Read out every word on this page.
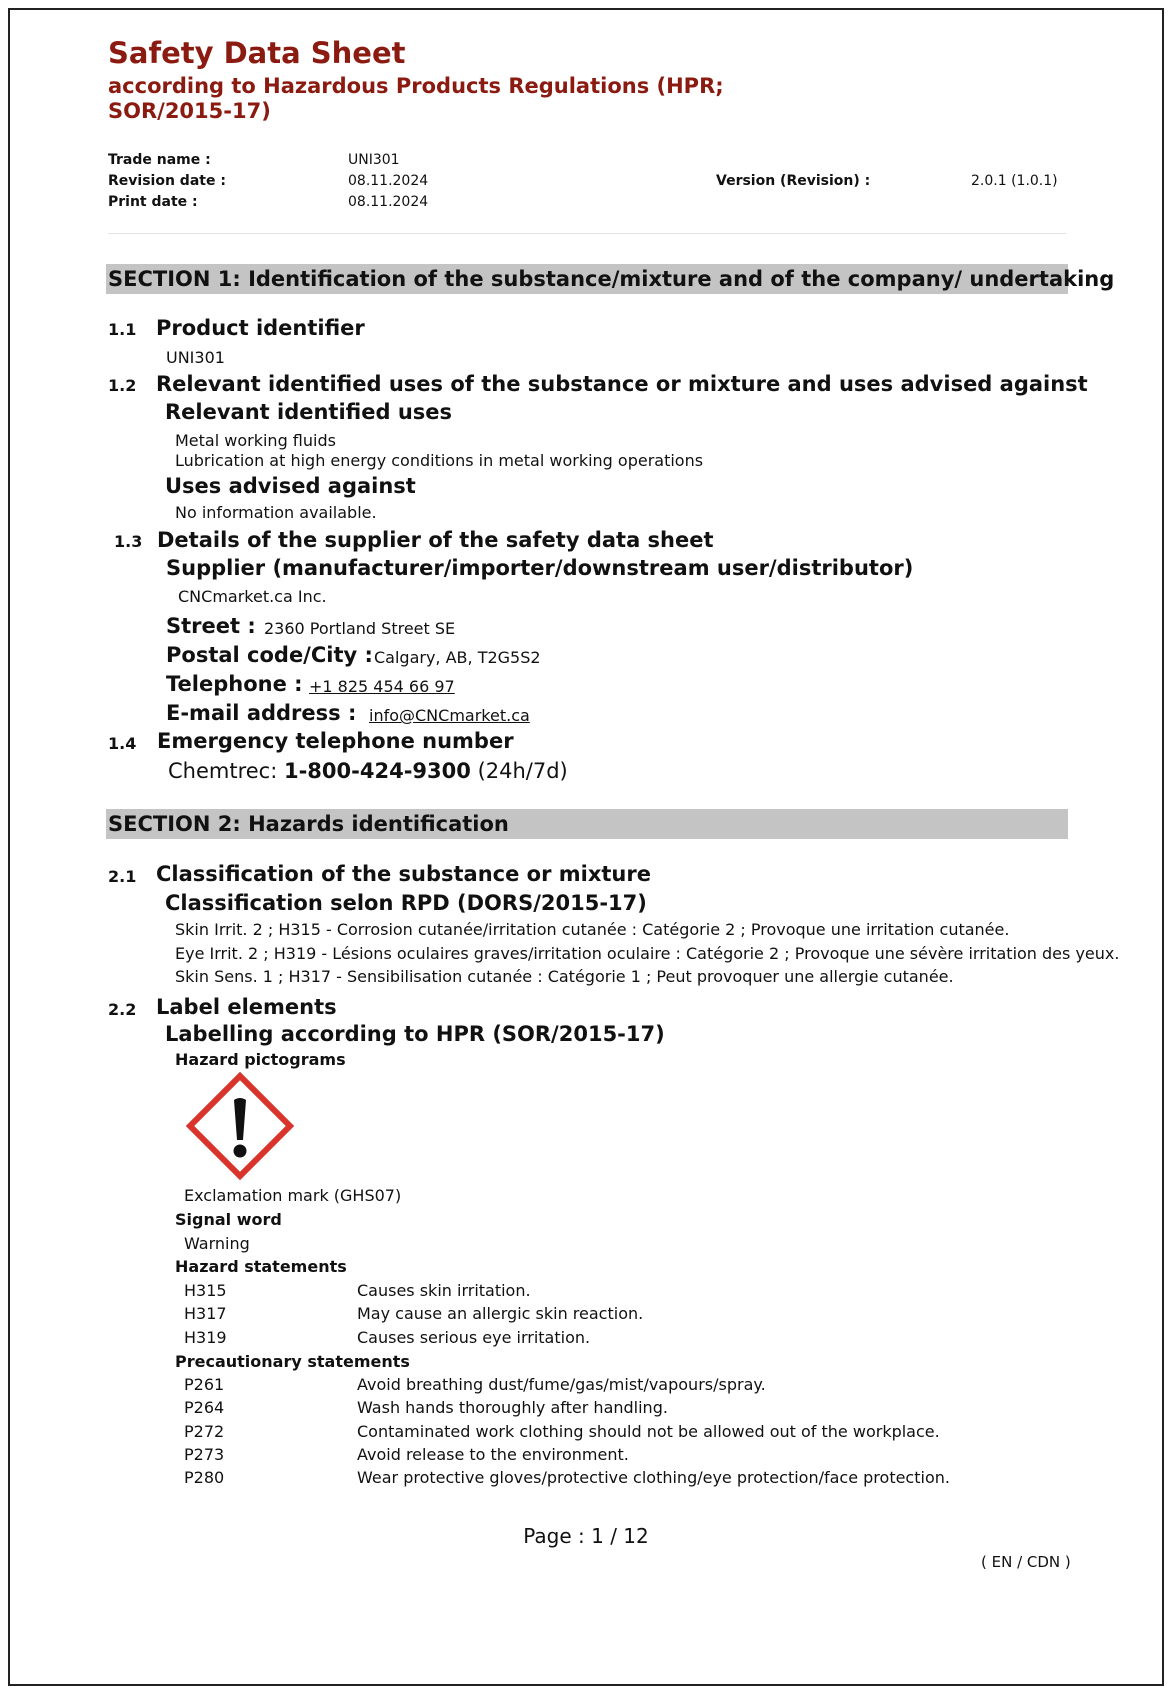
Safety Data Sheet
according to Hazardous Products Regulations (HPR; SOR/2015-17)
Trade name :	UNI301
Revision date :	08.11.2024	Version (Revision) :	2.0.1 (1.0.1)
Print date :	08.11.2024
SECTION 1: Identification of the substance/mixture and of the company/ undertaking
1.1 Product identifier
UNI301
1.2 Relevant identified uses of the substance or mixture and uses advised against
Relevant identified uses
Metal working fluids
Lubrication at high energy conditions in metal working operations
Uses advised against
No information available.
1.3 Details of the supplier of the safety data sheet
Supplier (manufacturer/importer/downstream user/distributor)
CNCmarket.ca Inc.
Street : 2360 Portland Street SE
Postal code/City : Calgary, AB, T2G5S2
Telephone : +1 825 454 66 97
E-mail address : info@CNCmarket.ca
1.4 Emergency telephone number
Chemtrec: 1-800-424-9300 (24h/7d)
SECTION 2: Hazards identification
2.1 Classification of the substance or mixture
Classification selon RPD (DORS/2015-17)
Skin Irrit. 2 ; H315 - Corrosion cutanée/irritation cutanée : Catégorie 2 ; Provoque une irritation cutanée.
Eye Irrit. 2 ; H319 - Lésions oculaires graves/irritation oculaire : Catégorie 2 ; Provoque une sévère irritation des yeux.
Skin Sens. 1 ; H317 - Sensibilisation cutanée : Catégorie 1 ; Peut provoquer une allergie cutanée.
2.2 Label elements
Labelling according to HPR (SOR/2015-17)
Hazard pictograms
Exclamation mark (GHS07)
Signal word
Warning
Hazard statements
H315	Causes skin irritation.
H317	May cause an allergic skin reaction.
H319	Causes serious eye irritation.
Precautionary statements
P261	Avoid breathing dust/fume/gas/mist/vapours/spray.
P264	Wash hands thoroughly after handling.
P272	Contaminated work clothing should not be allowed out of the workplace.
P273	Avoid release to the environment.
P280	Wear protective gloves/protective clothing/eye protection/face protection.
Page : 1 / 12
( EN / CDN )
